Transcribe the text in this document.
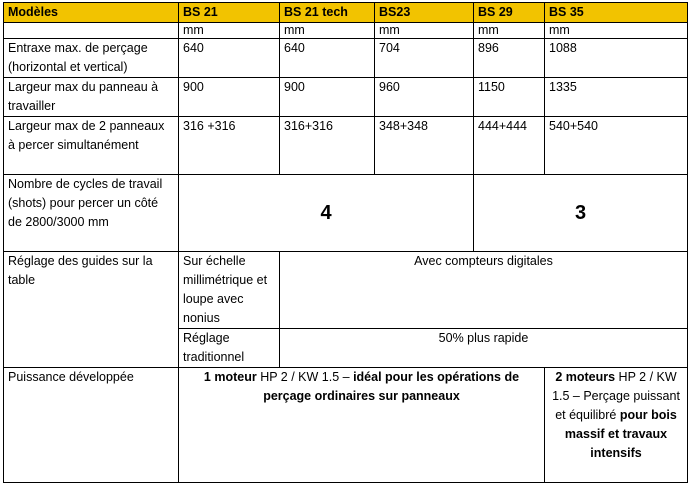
Modèles	BS 21	BS 21 tech	BS23	BS 29	BS 35
	mm	mm	mm	mm	mm
Entraxe max. de perçage (horizontal et vertical)	640	640	704	896	1088
Largeur max du panneau à travailler	900	900	960	1150	1335
Largeur max de 2 panneaux à percer simultanément	316 +316	316+316	348+348	444+444	540+540
Nombre de cycles de travail (shots) pour percer un côté de 2800/3000 mm	4			3	
Réglage des guides sur la table	Sur échelle millimétrique et loupe avec nonius	Avec compteurs digitales			
	Réglage traditionnel	50% plus rapide			
Puissance développée	1 moteur HP 2 / KW 1.5 – idéal pour les opérations de perçage ordinaires sur panneaux				2 moteurs HP 2 / KW 1.5 – Perçage puissant et équilibré pour bois massif et travaux intensifs
